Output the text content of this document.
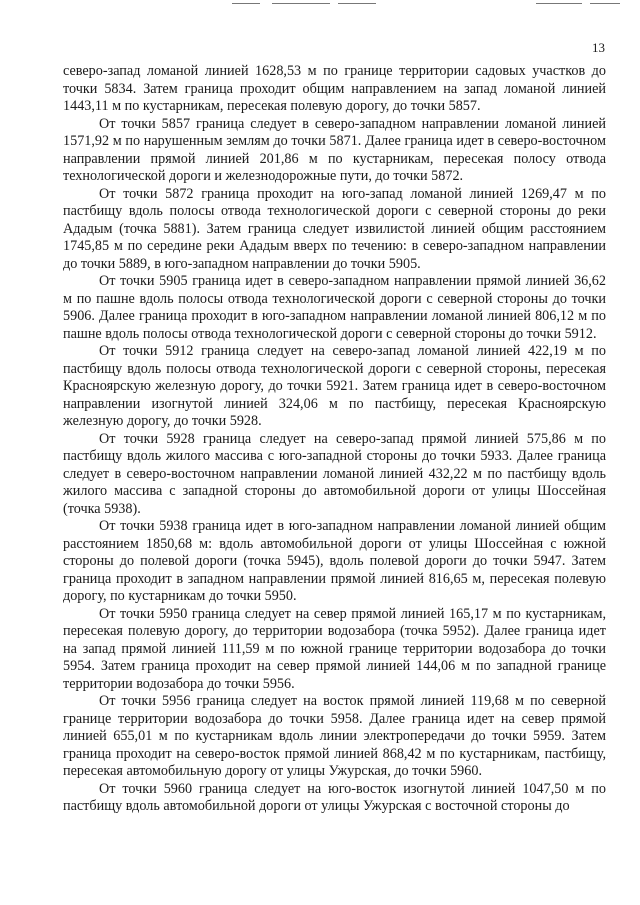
13

северо-запад ломаной линией 1628,53 м по границе территории садовых участков до точки 5834. Затем граница проходит общим направлением на запад ломаной линией 1443,11 м по кустарникам, пересекая полевую дорогу, до точки 5857.

От точки 5857 граница следует в северо-западном направлении ломаной линией 1571,92 м по нарушенным землям до точки 5871. Далее граница идет в северо-восточном направлении прямой линией 201,86 м по кустарникам, пересекая полосу отвода технологической дороги и железнодорожные пути, до точки 5872.

От точки 5872 граница проходит на юго-запад ломаной линией 1269,47 м по пастбищу вдоль полосы отвода технологической дороги с северной стороны до реки Ададым (точка 5881). Затем граница следует извилистой линией общим расстоянием 1745,85 м по середине реки Ададым вверх по течению: в северо-западном направлении до точки 5889, в юго-западном направлении до точки 5905.

От точки 5905 граница идет в северо-западном направлении прямой линией 36,62 м по пашне вдоль полосы отвода технологической дороги с северной стороны до точки 5906. Далее граница проходит в юго-западном направлении ломаной линией 806,12 м по пашне вдоль полосы отвода технологической дороги с северной стороны до точки 5912.

От точки 5912 граница следует на северо-запад ломаной линией 422,19 м по пастбищу вдоль полосы отвода технологической дороги с северной стороны, пересекая Красноярскую железную дорогу, до точки 5921. Затем граница идет в северо-восточном направлении изогнутой линией 324,06 м по пастбищу, пересекая Красноярскую железную дорогу, до точки 5928.

От точки 5928 граница следует на северо-запад прямой линией 575,86 м по пастбищу вдоль жилого массива с юго-западной стороны до точки 5933. Далее граница следует в северо-восточном направлении ломаной линией 432,22 м по пастбищу вдоль жилого массива с западной стороны до автомобильной дороги от улицы Шоссейная (точка 5938).

От точки 5938 граница идет в юго-западном направлении ломаной линией общим расстоянием 1850,68 м: вдоль автомобильной дороги от улицы Шоссейная с южной стороны до полевой дороги (точка 5945), вдоль полевой дороги до точки 5947. Затем граница проходит в западном направлении прямой линией 816,65 м, пересекая полевую дорогу, по кустарникам до точки 5950.

От точки 5950 граница следует на север прямой линией 165,17 м по кустарникам, пересекая полевую дорогу, до территории водозабора (точка 5952). Далее граница идет на запад прямой линией 111,59 м по южной границе территории водозабора до точки 5954. Затем граница проходит на север прямой линией 144,06 м по западной границе территории водозабора до точки 5956.

От точки 5956 граница следует на восток прямой линией 119,68 м по северной границе территории водозабора до точки 5958. Далее граница идет на север прямой линией 655,01 м по кустарникам вдоль линии электропередачи до точки 5959. Затем граница проходит на северо-восток прямой линией 868,42 м по кустарникам, пастбищу, пересекая автомобильную дорогу от улицы Ужурская, до точки 5960.

От точки 5960 граница следует на юго-восток изогнутой линией 1047,50 м по пастбищу вдоль автомобильной дороги от улицы Ужурская с восточной стороны до
